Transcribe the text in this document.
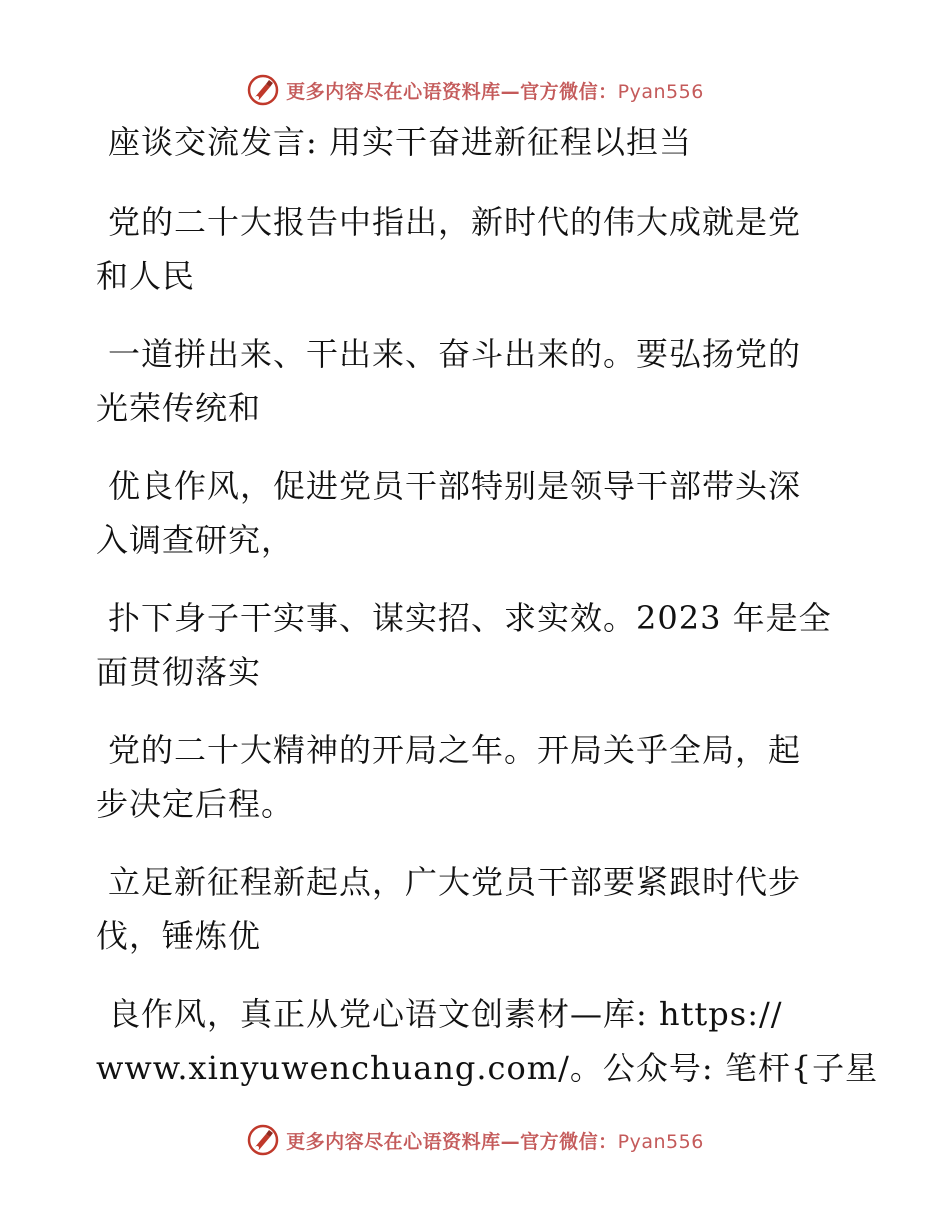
更多内容尽在心语资料库—官方微信：Pyan556
座谈交流发言: 用实干奋进新征程以担当
党的二十大报告中指出，新时代的伟大成就是党
和人民
一道拼出来、干出来、奋斗出来的。要弘扬党的
光荣传统和
优良作风，促进党员干部特别是领导干部带头深
入调查研究，
扑下身子干实事、谋实招、求实效。2023 年是全
面贯彻落实
党的二十大精神的开局之年。开局关乎全局，起
步决定后程。
立足新征程新起点，广大党员干部要紧跟时代步
伐，锤炼优
良作风，真正从党心语文创素材—库: https://
www.xinyuwenchuang.com/。公众号: 笔杆{子星
更多内容尽在心语资料库—官方微信：Pyan556
